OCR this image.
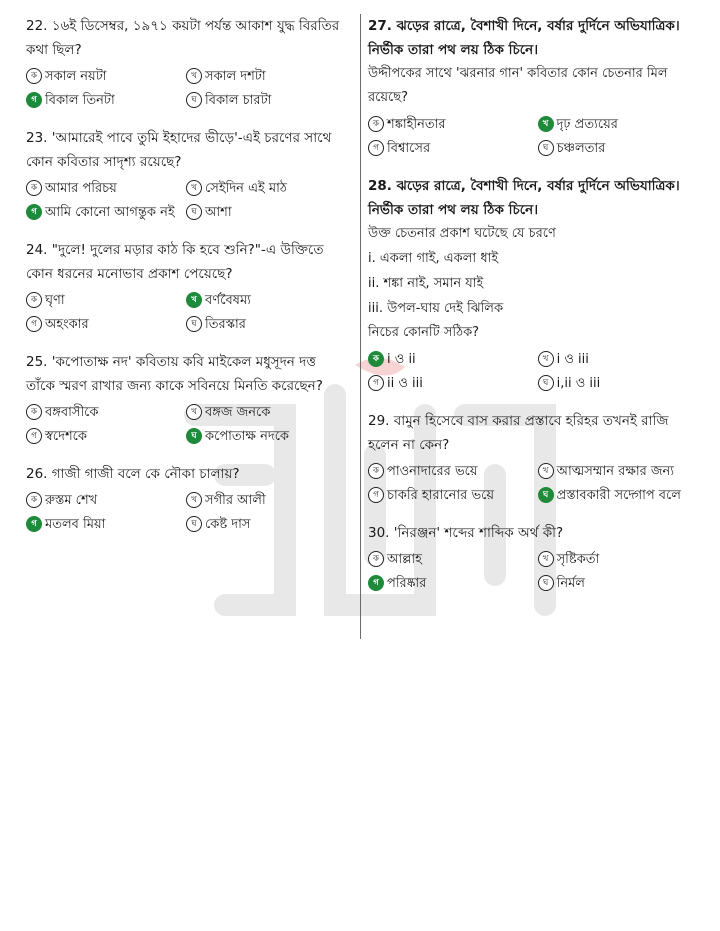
22. ১৬ই ডিসেম্বর, ১৯৭১ কয়টা পর্যন্ত আকাশ যুদ্ধ বিরতির কথা ছিল?
ক সকাল নয়টা	খ সকাল দশটা
গ বিকাল তিনটা	ঘ বিকাল চারটা
23. 'আমারেই পাবে তুমি ইহাদের ভীড়ে'-এই চরণের সাথে কোন কবিতার সাদৃশ্য রয়েছে?
ক আমার পরিচয়	খ সেইদিন এই মাঠ
গ আমি কোনো আগন্তুক নই	ঘ আশা
24. "দুলে! দুলের মড়ার কাঠ কি হবে শুনি?"-এ উক্তিতে কোন ধরনের মনোভাব প্রকাশ পেয়েছে?
ক ঘৃণা	খ বর্ণবৈষম্য
গ অহংকার	ঘ তিরস্কার
25. 'কপোতাক্ষ নদ' কবিতায় কবি মাইকেল মধুসূদন দত্ত তাঁকে স্মরণ রাখার জন্য কাকে সবিনয়ে মিনতি করেছেন?
ক বঙ্গবাসীকে	খ বঙ্গজ জনকে
গ স্বদেশকে	ঘ কপোতাক্ষ নদকে
26. গাজী গাজী বলে কে নৌকা চালায়?
ক রুস্তম শেখ	খ সগীর আলী
গ মতলব মিয়া	ঘ কেষ্ট দাস
27. ঝড়ের রাত্রে, বৈশাখী দিনে, বর্ষার দুর্দিনে অভিযাত্রিক। নির্ভীক তারা পথ লয় ঠিক চিনে।
উদ্দীপকের সাথে 'ঝরনার গান' কবিতার কোন চেতনার মিল রয়েছে?
ক শঙ্কাহীনতার	খ দৃঢ় প্রত্যয়ের
গ বিশ্বাসের	ঘ চঞ্চলতার
28. ঝড়ের রাত্রে, বৈশাখী দিনে, বর্ষার দুর্দিনে অভিযাত্রিক। নির্ভীক তারা পথ লয় ঠিক চিনে।
উক্ত চেতনার প্রকাশ ঘটেছে যে চরণে
i. একলা গাই, একলা ধাই
ii. শঙ্কা নাই, সমান যাই
iii. উপল-ঘায় দেই ঝিলিক
নিচের কোনটি সঠিক?
ক i ও ii	খ i ও iii
গ ii ও iii	ঘ i,ii ও iii
29. বামুন হিসেবে বাস করার প্রস্তাবে হরিহর তখনই রাজি হলেন না কেন?
ক পাওনাদারের ভয়ে	খ আত্মসম্মান রক্ষার জন্য
গ চাকরি হারানোর ভয়ে	ঘ প্রস্তাবকারী সদ্গোপ বলে
30. 'নিরঞ্জন' শব্দের শাব্দিক অর্থ কী?
ক আল্লাহ	খ সৃষ্টিকর্তা
গ পরিষ্কার	ঘ নির্মল
